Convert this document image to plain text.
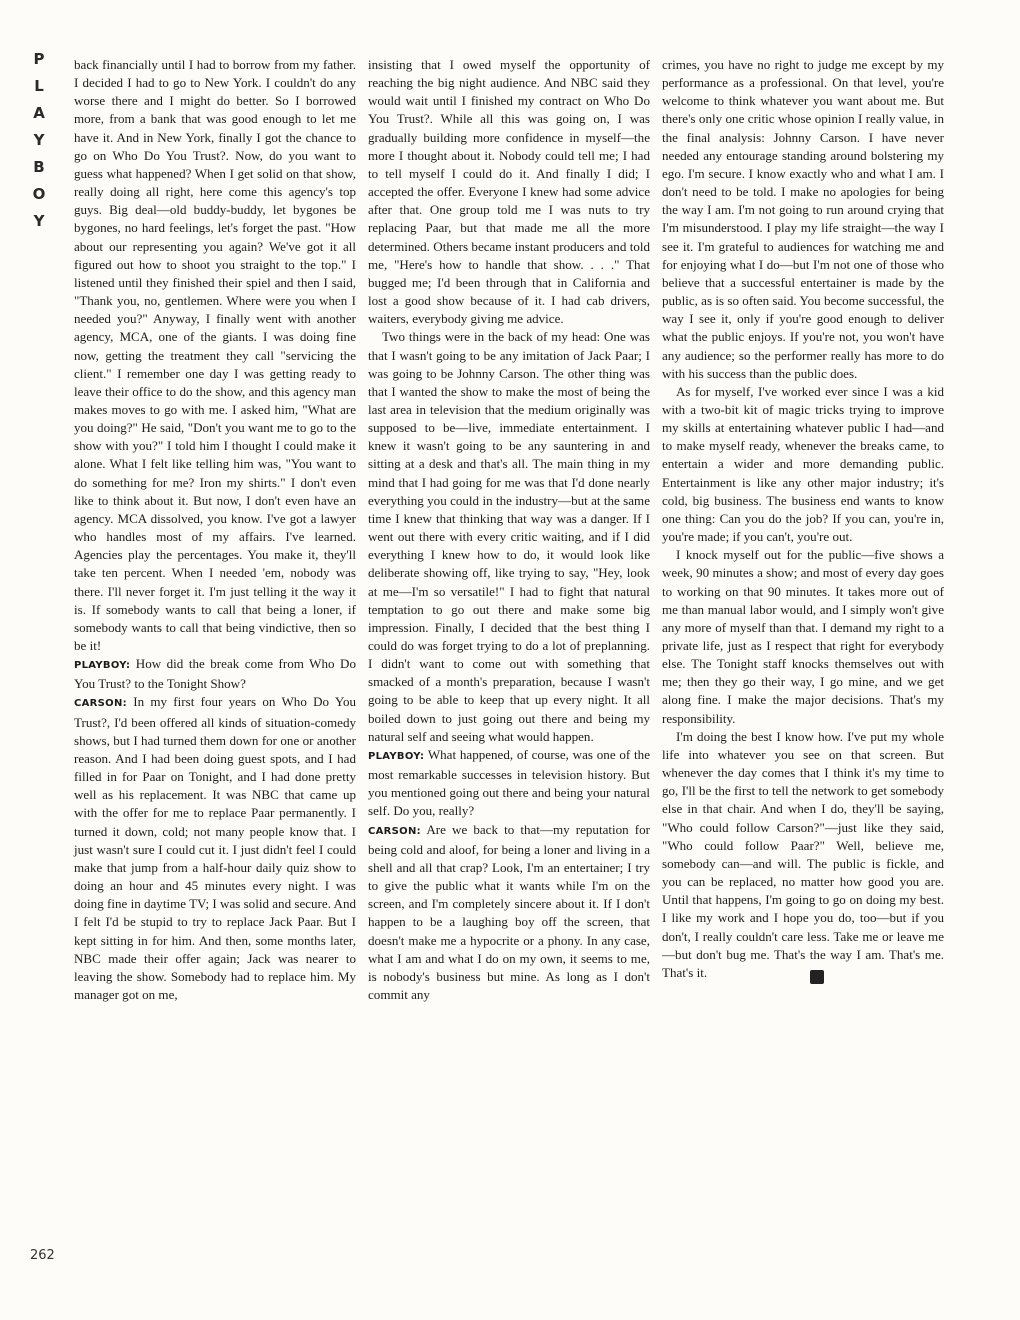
P
L
A
Y
B
O
Y
262

back financially until I had to borrow from my father. I decided I had to go to New York. I couldn't do any worse there and I might do better. So I borrowed more, from a bank that was good enough to let me have it. And in New York, finally I got the chance to go on Who Do You Trust?. Now, do you want to guess what happened? When I get solid on that show, really doing all right, here come this agency's top guys. Big deal—old buddy-buddy, let bygones be bygones, no hard feelings, let's forget the past. "How about our representing you again? We've got it all figured out how to shoot you straight to the top." I listened until they finished their spiel and then I said, "Thank you, no, gentlemen. Where were you when I needed you?" Anyway, I finally went with another agency, MCA, one of the giants. I was doing fine now, getting the treatment they call "servicing the client." I remember one day I was getting ready to leave their office to do the show, and this agency man makes moves to go with me. I asked him, "What are you doing?" He said, "Don't you want me to go to the show with you?" I told him I thought I could make it alone. What I felt like telling him was, "You want to do something for me? Iron my shirts." I don't even like to think about it. But now, I don't even have an agency. MCA dissolved, you know. I've got a lawyer who handles most of my affairs. I've learned. Agencies play the percentages. You make it, they'll take ten percent. When I needed 'em, nobody was there. I'll never forget it. I'm just telling it the way it is. If somebody wants to call that being a loner, if somebody wants to call that being vindictive, then so be it!

PLAYBOY: How did the break come from Who Do You Trust? to the Tonight Show?

CARSON: In my first four years on Who Do You Trust?, I'd been offered all kinds of situation-comedy shows, but I had turned them down for one or another reason. And I had been doing guest spots, and I had filled in for Paar on Tonight, and I had done pretty well as his replacement. It was NBC that came up with the offer for me to replace Paar permanently. I turned it down, cold; not many people know that. I just wasn't sure I could cut it. I just didn't feel I could make that jump from a half-hour daily quiz show to doing an hour and 45 minutes every night. I was doing fine in daytime TV; I was solid and secure. And I felt I'd be stupid to try to replace Jack Paar. But I kept sitting in for him. And then, some months later, NBC made their offer again; Jack was nearer to leaving the show. Somebody had to replace him. My manager got on me,

insisting that I owed myself the opportunity of reaching the big night audience. And NBC said they would wait until I finished my contract on Who Do You Trust?. While all this was going on, I was gradually building more confidence in myself—the more I thought about it. Nobody could tell me; I had to tell myself I could do it. And finally I did; I accepted the offer. Everyone I knew had some advice after that. One group told me I was nuts to try replacing Paar, but that made me all the more determined. Others became instant producers and told me, "Here's how to handle that show. . . ." That bugged me; I'd been through that in California and lost a good show because of it. I had cab drivers, waiters, everybody giving me advice.

Two things were in the back of my head: One was that I wasn't going to be any imitation of Jack Paar; I was going to be Johnny Carson. The other thing was that I wanted the show to make the most of being the last area in television that the medium originally was supposed to be—live, immediate entertainment. I knew it wasn't going to be any sauntering in and sitting at a desk and that's all. The main thing in my mind that I had going for me was that I'd done nearly everything you could in the industry—but at the same time I knew that thinking that way was a danger. If I went out there with every critic waiting, and if I did everything I knew how to do, it would look like deliberate showing off, like trying to say, "Hey, look at me—I'm so versatile!" I had to fight that natural temptation to go out there and make some big impression. Finally, I decided that the best thing I could do was forget trying to do a lot of preplanning. I didn't want to come out with something that smacked of a month's preparation, because I wasn't going to be able to keep that up every night. It all boiled down to just going out there and being my natural self and seeing what would happen.

PLAYBOY: What happened, of course, was one of the most remarkable successes in television history. But you mentioned going out there and being your natural self. Do you, really?

CARSON: Are we back to that—my reputation for being cold and aloof, for being a loner and living in a shell and all that crap? Look, I'm an entertainer; I try to give the public what it wants while I'm on the screen, and I'm completely sincere about it. If I don't happen to be a laughing boy off the screen, that doesn't make me a hypocrite or a phony. In any case, what I am and what I do on my own, it seems to me, is nobody's business but mine. As long as I don't commit any

crimes, you have no right to judge me except by my performance as a professional. On that level, you're welcome to think whatever you want about me. But there's only one critic whose opinion I really value, in the final analysis: Johnny Carson. I have never needed any entourage standing around bolstering my ego. I'm secure. I know exactly who and what I am. I don't need to be told. I make no apologies for being the way I am. I'm not going to run around crying that I'm misunderstood. I play my life straight—the way I see it. I'm grateful to audiences for watching me and for enjoying what I do—but I'm not one of those who believe that a successful entertainer is made by the public, as is so often said. You become successful, the way I see it, only if you're good enough to deliver what the public enjoys. If you're not, you won't have any audience; so the performer really has more to do with his success than the public does.

As for myself, I've worked ever since I was a kid with a two-bit kit of magic tricks trying to improve my skills at entertaining whatever public I had—and to make myself ready, whenever the breaks came, to entertain a wider and more demanding public. Entertainment is like any other major industry; it's cold, big business. The business end wants to know one thing: Can you do the job? If you can, you're in, you're made; if you can't, you're out.

I knock myself out for the public—five shows a week, 90 minutes a show; and most of every day goes to working on that 90 minutes. It takes more out of me than manual labor would, and I simply won't give any more of myself than that. I demand my right to a private life, just as I respect that right for everybody else. The Tonight staff knocks themselves out with me; then they go their way, I go mine, and we get along fine. I make the major decisions. That's my responsibility.

I'm doing the best I know how. I've put my whole life into whatever you see on that screen. But whenever the day comes that I think it's my time to go, I'll be the first to tell the network to get somebody else in that chair. And when I do, they'll be saying, "Who could follow Carson?"—just like they said, "Who could follow Paar?" Well, believe me, somebody can—and will. The public is fickle, and you can be replaced, no matter how good you are. Until that happens, I'm going to go on doing my best. I like my work and I hope you do, too—but if you don't, I really couldn't care less. Take me or leave me—but don't bug me. That's the way I am. That's me. That's it.	●
